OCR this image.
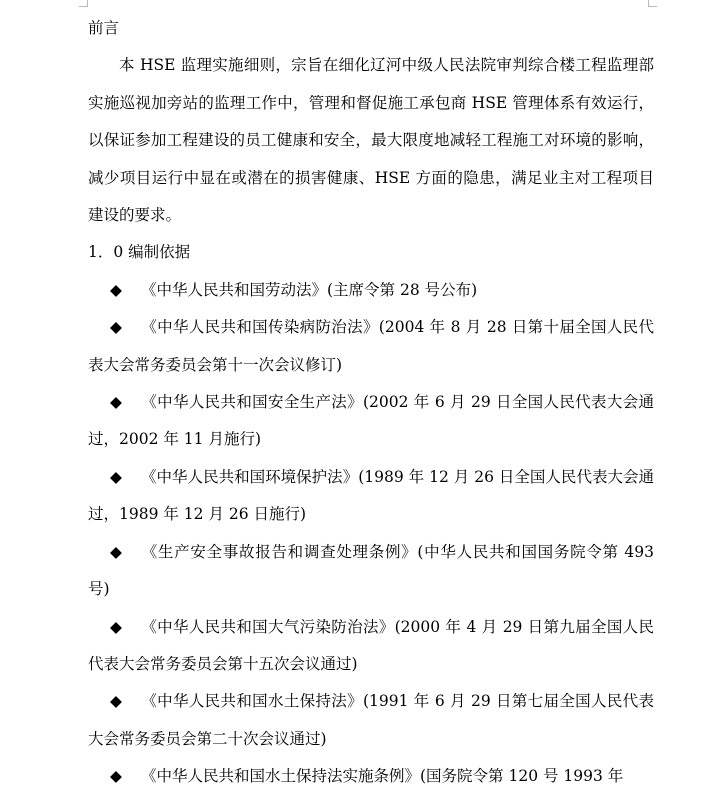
前言

本 HSE 监理实施细则，宗旨在细化辽河中级人民法院审判综合楼工程监理部实施巡视加旁站的监理工作中，管理和督促施工承包商 HSE 管理体系有效运行，以保证参加工程建设的员工健康和安全，最大限度地减轻工程施工对环境的影响，减少项目运行中显在或潜在的损害健康、HSE 方面的隐患，满足业主对工程项目建设的要求。

1．0 编制依据

◆ 《中华人民共和国劳动法》(主席令第 28 号公布)

◆ 《中华人民共和国传染病防治法》(2004 年 8 月 28 日第十届全国人民代表大会常务委员会第十一次会议修订)

◆ 《中华人民共和国安全生产法》(2002 年 6 月 29 日全国人民代表大会通过，2002 年 11 月施行)

◆ 《中华人民共和国环境保护法》(1989 年 12 月 26 日全国人民代表大会通过，1989 年 12 月 26 日施行)

◆ 《生产安全事故报告和调查处理条例》(中华人民共和国国务院令第 493 号)

◆ 《中华人民共和国大气污染防治法》(2000 年 4 月 29 日第九届全国人民代表大会常务委员会第十五次会议通过)

◆ 《中华人民共和国水土保持法》(1991 年 6 月 29 日第七届全国人民代表大会常务委员会第二十次会议通过)

◆ 《中华人民共和国水土保持法实施条例》(国务院令第 120 号 1993 年
